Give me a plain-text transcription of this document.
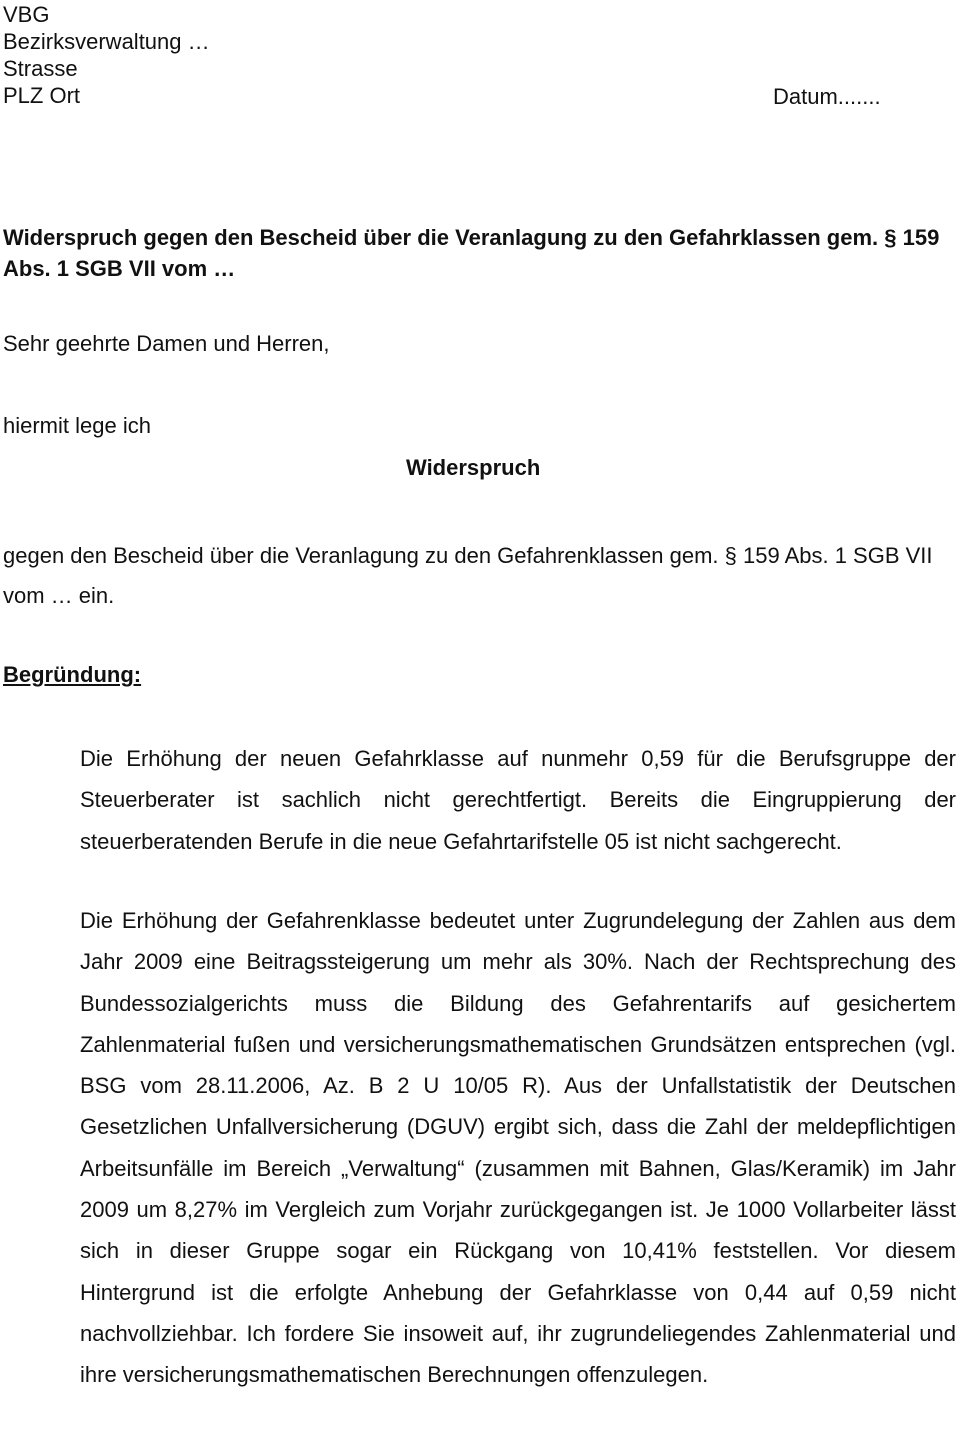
VBG
Bezirksverwaltung …
Strasse
PLZ Ort	Datum.......
Widerspruch gegen den Bescheid über die Veranlagung zu den Gefahrklassen gem. § 159 Abs. 1 SGB VII vom …
Sehr geehrte Damen und Herren,
hiermit lege ich
Widerspruch
gegen den Bescheid über die Veranlagung zu den Gefahrenklassen gem. § 159 Abs. 1 SGB VII vom … ein.
Begründung:
Die Erhöhung der neuen Gefahrklasse auf nunmehr 0,59 für die Berufsgruppe der Steuerberater ist sachlich nicht gerechtfertigt. Bereits die Eingruppierung der steuerberatenden Berufe in die neue Gefahrtarifstelle 05 ist nicht sachgerecht.
Die Erhöhung der Gefahrenklasse bedeutet unter Zugrundelegung der Zahlen aus dem Jahr 2009 eine Beitragssteigerung um mehr als 30%. Nach der Rechtsprechung des Bundessozialgerichts muss die Bildung des Gefahrentarifs auf gesichertem Zahlenmaterial fußen und versicherungsmathematischen Grundsätzen entsprechen (vgl. BSG vom 28.11.2006, Az. B 2 U 10/05 R). Aus der Unfallstatistik der Deutschen Gesetzlichen Unfallversicherung (DGUV) ergibt sich, dass die Zahl der meldepflichtigen Arbeitsunfälle im Bereich „Verwaltung“ (zusammen mit Bahnen, Glas/Keramik) im Jahr 2009 um 8,27% im Vergleich zum Vorjahr zurückgegangen ist. Je 1000 Vollarbeiter lässt sich in dieser Gruppe sogar ein Rückgang von 10,41% feststellen. Vor diesem Hintergrund ist die erfolgte Anhebung der Gefahrklasse von 0,44 auf 0,59 nicht nachvollziehbar. Ich fordere Sie insoweit auf, ihr zugrundeliegendes Zahlenmaterial und ihre versicherungsmathematischen Berechnungen offenzulegen.
